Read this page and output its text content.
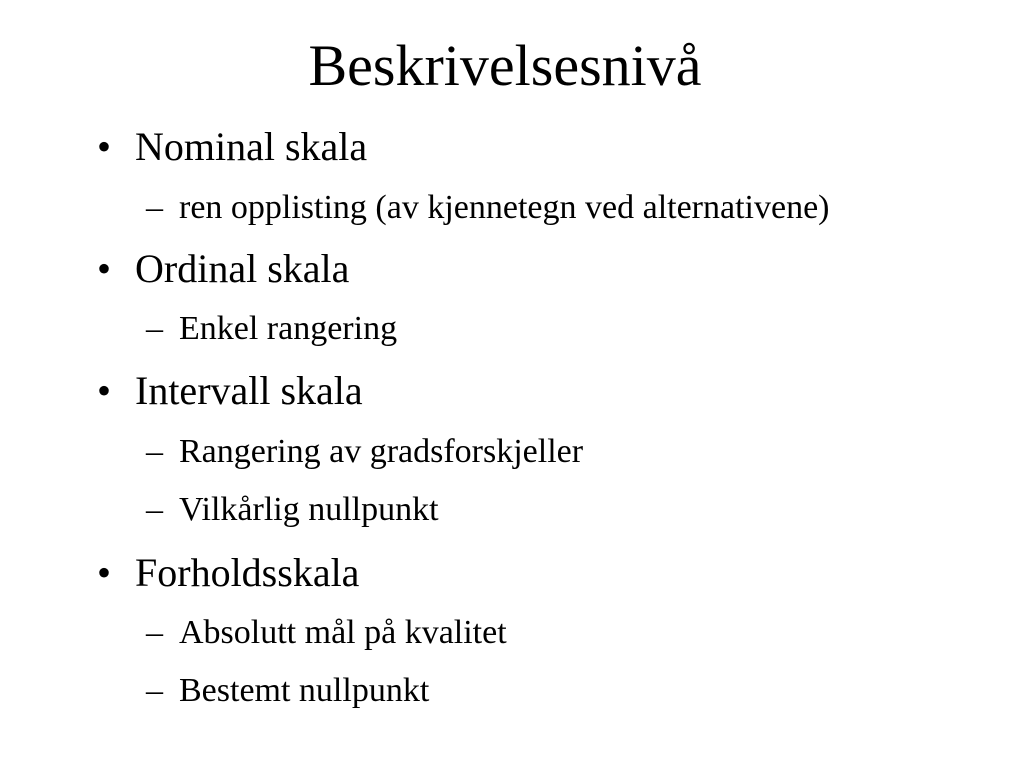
Beskrivelsesnivå
• Nominal skala
– ren opplisting (av kjennetegn ved alternativene)
• Ordinal skala
– Enkel rangering
• Intervall skala
– Rangering av gradsforskjeller
– Vilkårlig nullpunkt
• Forholdsskala
– Absolutt mål på kvalitet
– Bestemt nullpunkt
